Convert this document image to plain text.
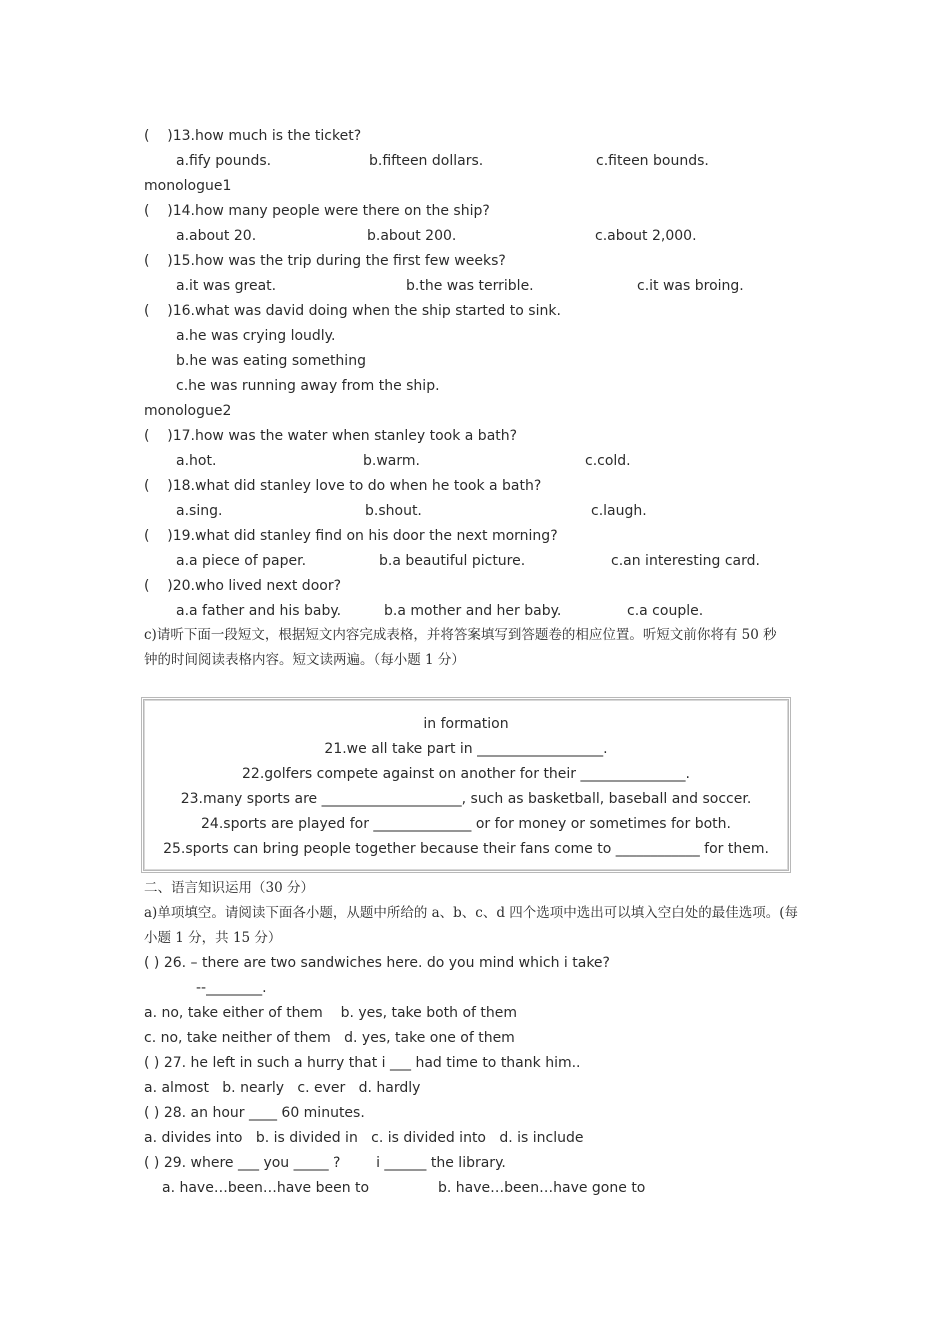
(    )13.how much is the ticket?
a.fify pounds.	b.fifteen dollars.	c.fiteen bounds.
monologue1
(    )14.how many people were there on the ship?
a.about 20.	b.about 200.	c.about 2,000.
(    )15.how was the trip during the first few weeks?
a.it was great.	b.the was terrible.	c.it was broing.
(    )16.what was david doing when the ship started to sink.
a.he was crying loudly.
b.he was eating something
c.he was running away from the ship.
monologue2
(    )17.how was the water when stanley took a bath?
a.hot.	b.warm.	c.cold.
(    )18.what did stanley love to do when he took a bath?
a.sing.	b.shout.	c.laugh.
(    )19.what did stanley find on his door the next morning?
a.a piece of paper.	b.a beautiful picture.	c.an interesting card.
(    )20.who lived next door?
a.a father and his baby.	b.a mother and her baby.	c.a couple.
c)请听下面一段短文，根据短文内容完成表格，并将答案填写到答题卷的相应位置。听短文前你将有 50 秒
钟的时间阅读表格内容。短文读两遍。（每小题 1 分）
in formation
21.we all take part in __________________.
22.golfers compete against on another for their _______________.
23.many sports are ____________________, such as basketball, baseball and soccer.
24.sports are played for ______________ or for money or sometimes for both.
25.sports can bring people together because their fans come to ____________ for them.
二、语言知识运用（30 分）
a)单项填空。请阅读下面各小题，从题中所给的 a、b、c、d 四个选项中选出可以填入空白处的最佳选项。(每
小题 1 分，共 15 分）
( ) 26. – there are two sandwiches here. do you mind which i take?
--________.
a. no, take either of them    b. yes, take both of them
c. no, take neither of them   d. yes, take one of them
( ) 27. he left in such a hurry that i ___ had time to thank him..
a. almost   b. nearly   c. ever   d. hardly
( ) 28. an hour ____ 60 minutes.
a. divides into   b. is divided in   c. is divided into   d. is include
( ) 29. where ___ you _____ ?        i ______ the library.
a. have…been…have been to	b. have…been…have gone to
